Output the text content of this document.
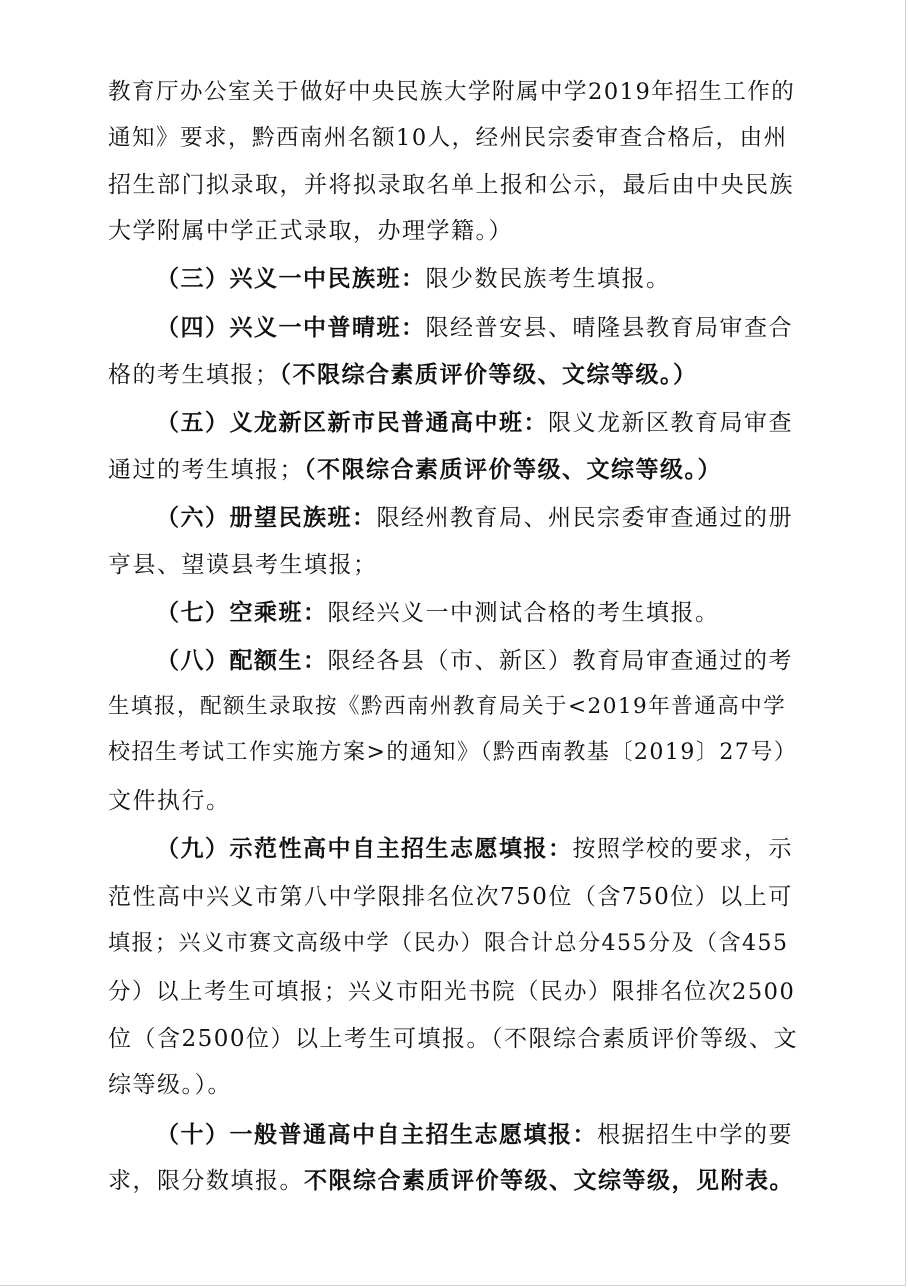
教育厅办公室关于做好中央民族大学附属中学2019年招生工作的
通知》要求，黔西南州名额10人，经州民宗委审查合格后，由州
招生部门拟录取，并将拟录取名单上报和公示，最后由中央民族
大学附属中学正式录取，办理学籍。）
（三）兴义一中民族班：限少数民族考生填报。
（四）兴义一中普晴班：限经普安县、晴隆县教育局审查合
格的考生填报；（不限综合素质评价等级、文综等级。）
（五）义龙新区新市民普通高中班：限义龙新区教育局审查
通过的考生填报；（不限综合素质评价等级、文综等级。）
（六）册望民族班：限经州教育局、州民宗委审查通过的册
亨县、望谟县考生填报；
（七）空乘班：限经兴义一中测试合格的考生填报。
（八）配额生：限经各县（市、新区）教育局审查通过的考
生填报，配额生录取按《黔西南州教育局关于<2019年普通高中学
校招生考试工作实施方案>的通知》（黔西南教基〔2019〕27号）
文件执行。
（九）示范性高中自主招生志愿填报：按照学校的要求，示
范性高中兴义市第八中学限排名位次750位（含750位）以上可
填报；兴义市赛文高级中学（民办）限合计总分455分及（含455
分）以上考生可填报；兴义市阳光书院（民办）限排名位次2500
位（含2500位）以上考生可填报。（不限综合素质评价等级、文
综等级。）。
（十）一般普通高中自主招生志愿填报：根据招生中学的要
求，限分数填报。不限综合素质评价等级、文综等级，见附表。
